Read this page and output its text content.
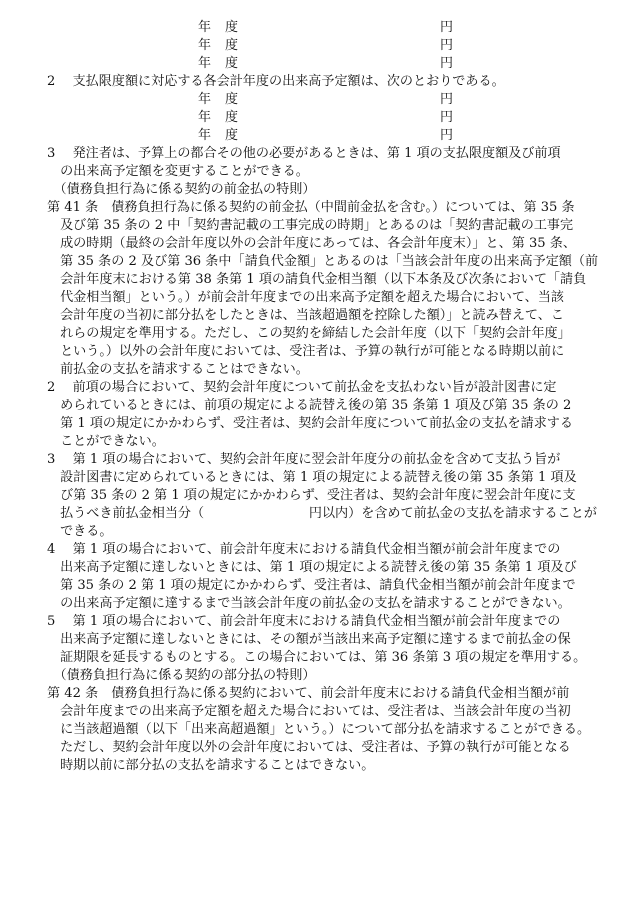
年 度	円
年 度	円
年 度	円
2　 支払限度額に対応する各会計年度の出来高予定額は、次のとおりである。
年 度	円
年 度	円
年 度	円
3　 発注者は、予算上の都合その他の必要があるときは、第 1 項の支払限度額及び前項
　の出来高予定額を変更することができる。
　（債務負担行為に係る契約の前金払の特則）
第 41 条　債務負担行為に係る契約の前金払（中間前金払を含む。）については、第 35 条
　及び第 35 条の 2 中「契約書記載の工事完成の時期」とあるのは「契約書記載の工事完
　成の時期（最終の会計年度以外の会計年度にあっては、各会計年度末）」と、第 35 条、
　第 35 条の 2 及び第 36 条中「請負代金額」とあるのは「当該会計年度の出来高予定額（前
　会計年度末における第 38 条第 1 項の請負代金相当額（以下本条及び次条において「請負
　代金相当額」という。）が前会計年度までの出来高予定額を超えた場合において、当該
　会計年度の当初に部分払をしたときは、当該超過額を控除した額）」と読み替えて、こ
　れらの規定を準用する。ただし、この契約を締結した会計年度（以下「契約会計年度」
　という。）以外の会計年度においては、受注者は、予算の執行が可能となる時期以前に
　前払金の支払を請求することはできない。
2　 前項の場合において、契約会計年度について前払金を支払わない旨が設計図書に定
　められているときには、前項の規定による読替え後の第 35 条第 1 項及び第 35 条の 2
　第 1 項の規定にかかわらず、受注者は、契約会計年度について前払金の支払を請求する
　ことができない。
3　 第 1 項の場合において、契約会計年度に翌会計年度分の前払金を含めて支払う旨が
　設計図書に定められているときには、第 1 項の規定による読替え後の第 35 条第 1 項及
　び第 35 条の 2 第 1 項の規定にかかわらず、受注者は、契約会計年度に翌会計年度に支
　払うべき前払金相当分（　　　　　　　　円以内）を含めて前払金の支払を請求することが
　できる。
4　 第 1 項の場合において、前会計年度末における請負代金相当額が前会計年度までの
　出来高予定額に達しないときには、第 1 項の規定による読替え後の第 35 条第 1 項及び
　第 35 条の 2 第 1 項の規定にかかわらず、受注者は、請負代金相当額が前会計年度まで
　の出来高予定額に達するまで当該会計年度の前払金の支払を請求することができない。
5　 第 1 項の場合において、前会計年度末における請負代金相当額が前会計年度までの
　出来高予定額に達しないときには、その額が当該出来高予定額に達するまで前払金の保
　証期限を延長するものとする。この場合においては、第 36 条第 3 項の規定を準用する。
　（債務負担行為に係る契約の部分払の特則）
第 42 条　債務負担行為に係る契約において、前会計年度末における請負代金相当額が前
　会計年度までの出来高予定額を超えた場合においては、受注者は、当該会計年度の当初
　に当該超過額（以下「出来高超過額」という。）について部分払を請求することができる。
　ただし、契約会計年度以外の会計年度においては、受注者は、予算の執行が可能となる
　時期以前に部分払の支払を請求することはできない。
